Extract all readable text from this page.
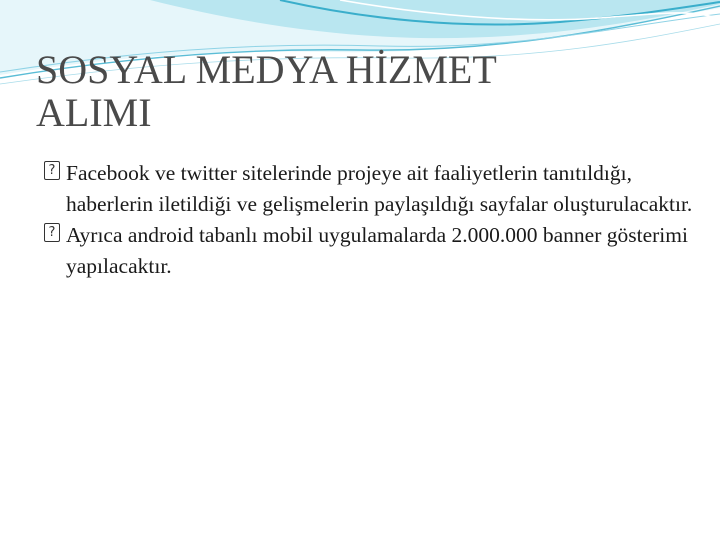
SOSYAL MEDYA HİZMET
ALIMI
? Facebook ve twitter sitelerinde projeye ait faaliyetlerin tanıtıldığı, haberlerin iletildiği ve gelişmelerin paylaşıldığı sayfalar oluşturulacaktır.
? Ayrıca android tabanlı mobil uygulamalarda 2.000.000 banner gösterimi yapılacaktır.
